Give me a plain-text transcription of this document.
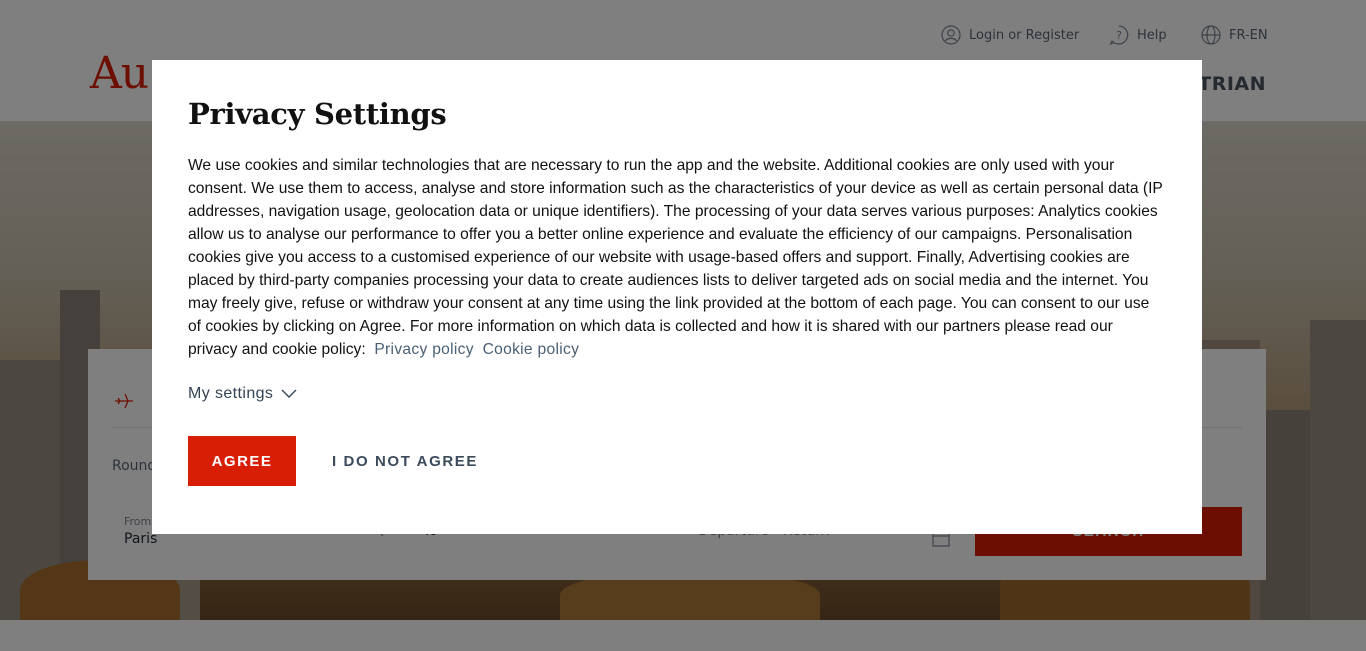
Privacy Settings
We use cookies and similar technologies that are necessary to run the app and the website. Additional cookies are only used with your consent. We use them to access, analyse and store information such as the characteristics of your device as well as certain personal data (IP addresses, navigation usage, geolocation data or unique identifiers). The processing of your data serves various purposes: Analytics cookies allow us to analyse our performance to offer you a better online experience and evaluate the efficiency of our campaigns. Personalisation cookies give you access to a customised experience of our website with usage-based offers and support. Finally, Advertising cookies are placed by third-party companies processing your data to create audiences lists to deliver targeted ads on social media and the internet. You may freely give, refuse or withdraw your consent at any time using the link provided at the bottom of each page. You can consent to our use of cookies by clicking on Agree. For more information on which data is collected and how it is shared with our partners please read our privacy and cookie policy: Privacy policy Cookie policy
My settings
AGREE	I DO NOT AGREE
